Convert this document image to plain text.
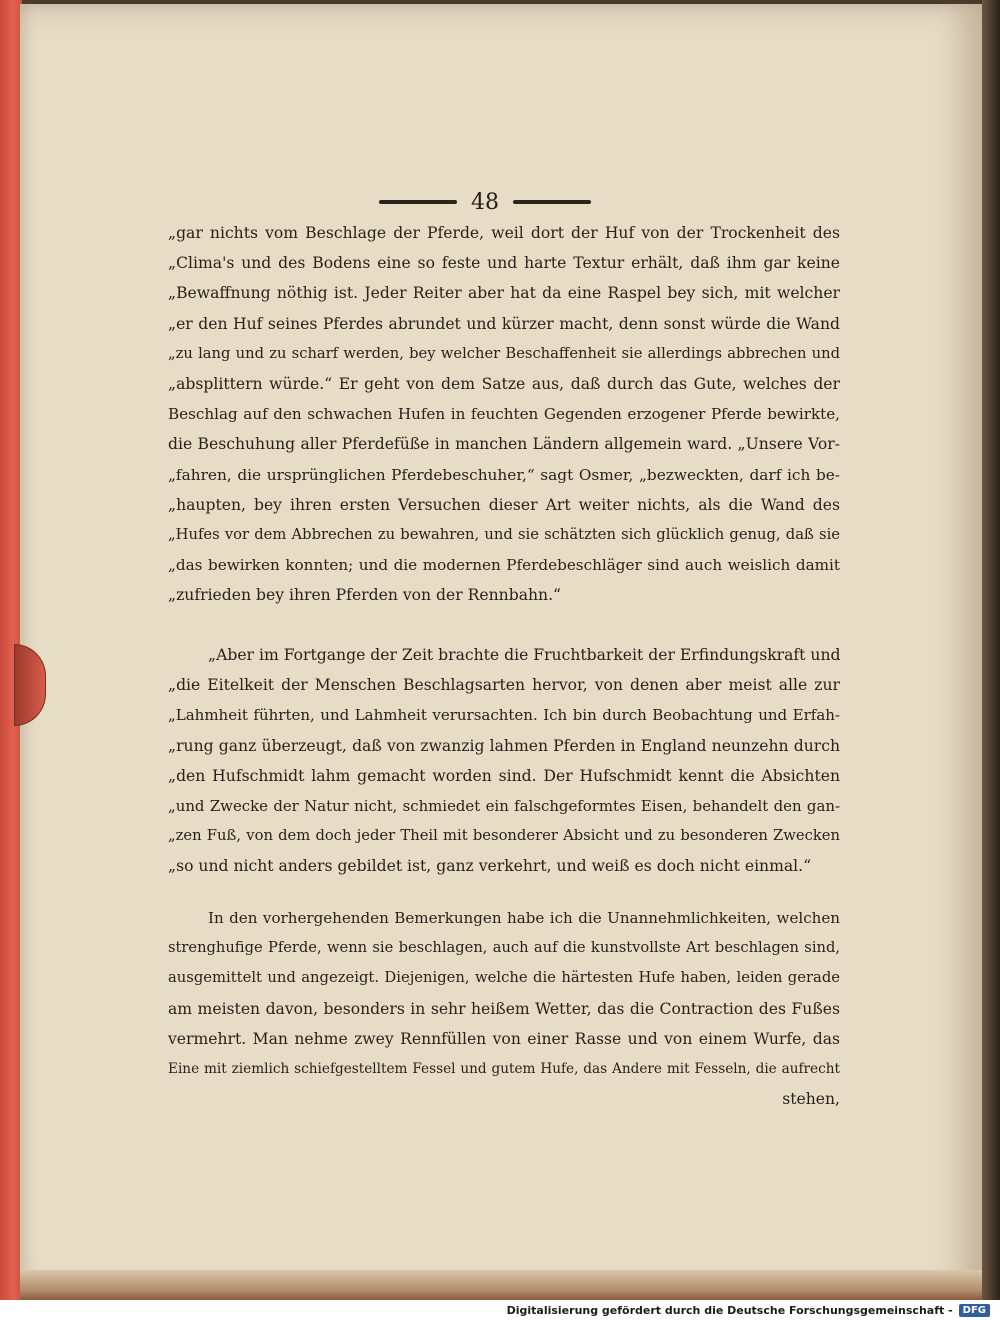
48
„gar nichts vom Beschlage der Pferde, weil dort der Huf von der Trockenheit des
„Clima's und des Bodens eine so feste und harte Textur erhält, daß ihm gar keine
„Bewaffnung nöthig ist. Jeder Reiter aber hat da eine Raspel bey sich, mit welcher
„er den Huf seines Pferdes abrundet und kürzer macht, denn sonst würde die Wand
„zu lang und zu scharf werden, bey welcher Beschaffenheit sie allerdings abbrechen und
„absplittern würde.“ Er geht von dem Satze aus, daß durch das Gute, welches der
Beschlag auf den schwachen Hufen in feuchten Gegenden erzogener Pferde bewirkte,
die Beschuhung aller Pferdefüße in manchen Ländern allgemein ward. „Unsere Vor-
„fahren, die ursprünglichen Pferdebeschuher,“ sagt Osmer, „bezweckten, darf ich be-
„haupten, bey ihren ersten Versuchen dieser Art weiter nichts, als die Wand des
„Hufes vor dem Abbrechen zu bewahren, und sie schätzten sich glücklich genug, daß sie
„das bewirken konnten; und die modernen Pferdebeschläger sind auch weislich damit
„zufrieden bey ihren Pferden von der Rennbahn.“
„Aber im Fortgange der Zeit brachte die Fruchtbarkeit der Erfindungskraft und
„die Eitelkeit der Menschen Beschlagsarten hervor, von denen aber meist alle zur
„Lahmheit führten, und Lahmheit verursachten. Ich bin durch Beobachtung und Erfah-
„rung ganz überzeugt, daß von zwanzig lahmen Pferden in England neunzehn durch
„den Hufschmidt lahm gemacht worden sind. Der Hufschmidt kennt die Absichten
„und Zwecke der Natur nicht, schmiedet ein falschgeformtes Eisen, behandelt den gan-
„zen Fuß, von dem doch jeder Theil mit besonderer Absicht und zu besonderen Zwecken
„so und nicht anders gebildet ist, ganz verkehrt, und weiß es doch nicht einmal.“
In den vorhergehenden Bemerkungen habe ich die Unannehmlichkeiten, welchen
strenghufige Pferde, wenn sie beschlagen, auch auf die kunstvollste Art beschlagen sind,
ausgemittelt und angezeigt. Diejenigen, welche die härtesten Hufe haben, leiden gerade
am meisten davon, besonders in sehr heißem Wetter, das die Contraction des Fußes
vermehrt. Man nehme zwey Rennfüllen von einer Rasse und von einem Wurfe, das
Eine mit ziemlich schiefgestelltem Fessel und gutem Hufe, das Andere mit Fesseln, die aufrecht
stehen,
Digitalisierung gefördert durch die Deutsche Forschungsgemeinschaft -	DFG
